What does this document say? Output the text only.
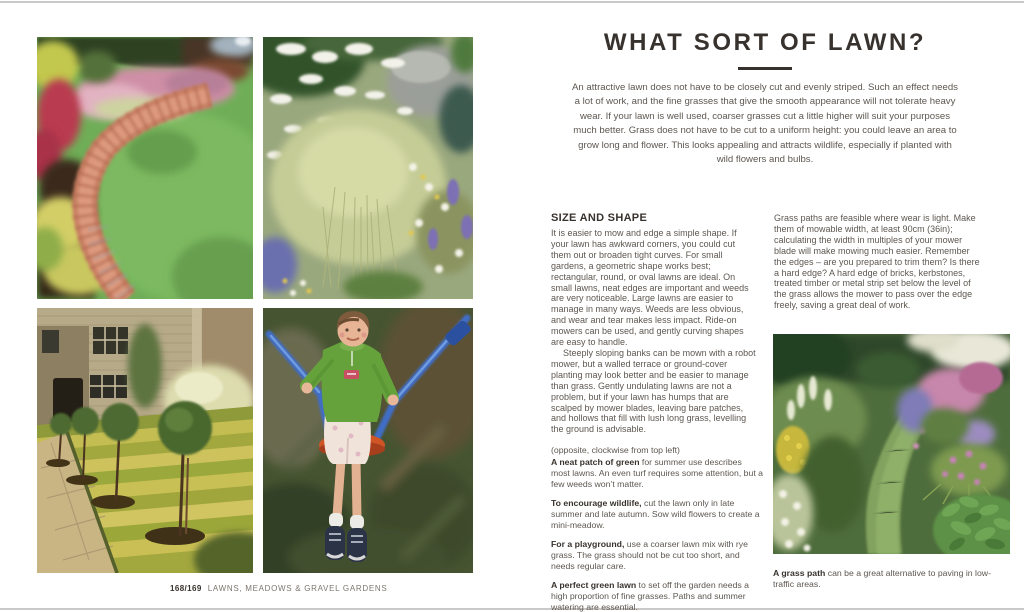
168/169 LAWNS, MEADOWS & GRAVEL GARDENS
WHAT SORT OF LAWN?

An attractive lawn does not have to be closely cut and evenly striped. Such an effect needs a lot of work, and the fine grasses that give the smooth appearance will not tolerate heavy wear. If your lawn is well used, coarser grasses cut a little higher will suit your purposes much better. Grass does not have to be cut to a uniform height: you could leave an area to grow long and flower. This looks appealing and attracts wildlife, especially if planted with wild flowers and bulbs.

SIZE AND SHAPE

It is easier to mow and edge a simple shape. If your lawn has awkward corners, you could cut them out or broaden tight curves. For small gardens, a geometric shape works best; rectangular, round, or oval lawns are ideal. On small lawns, neat edges are important and weeds are very noticeable. Large lawns are easier to manage in many ways. Weeds are less obvious, and wear and tear makes less impact. Ride-on mowers can be used, and gently curving shapes are easy to handle.

Steeply sloping banks can be mown with a robot mower, but a walled terrace or ground-cover planting may look better and be easier to manage than grass. Gently undulating lawns are not a problem, but if your lawn has humps that are scalped by mower blades, leaving bare patches, and hollows that fill with lush long grass, levelling the ground is advisable.

Grass paths are feasible where wear is light. Make them of mowable width, at least 90cm (36in); calculating the width in multiples of your mower blade will make mowing much easier. Remember the edges – are you prepared to trim them? Is there a hard edge? A hard edge of bricks, kerbstones, treated timber or metal strip set below the level of the grass allows the mower to pass over the edge freely, saving a great deal of work.

(opposite, clockwise from top left)

A neat patch of green for summer use describes most lawns. An even turf requires some attention, but a few weeds won’t matter.

To encourage wildlife, cut the lawn only in late summer and late autumn. Sow wild flowers to create a mini-meadow.

For a playground, use a coarser lawn mix with rye grass. The grass should not be cut too short, and needs regular care.

A perfect green lawn to set off the garden needs a high proportion of fine grasses. Paths and summer watering are essential.

A grass path can be a great alternative to paving in low-traffic areas.
